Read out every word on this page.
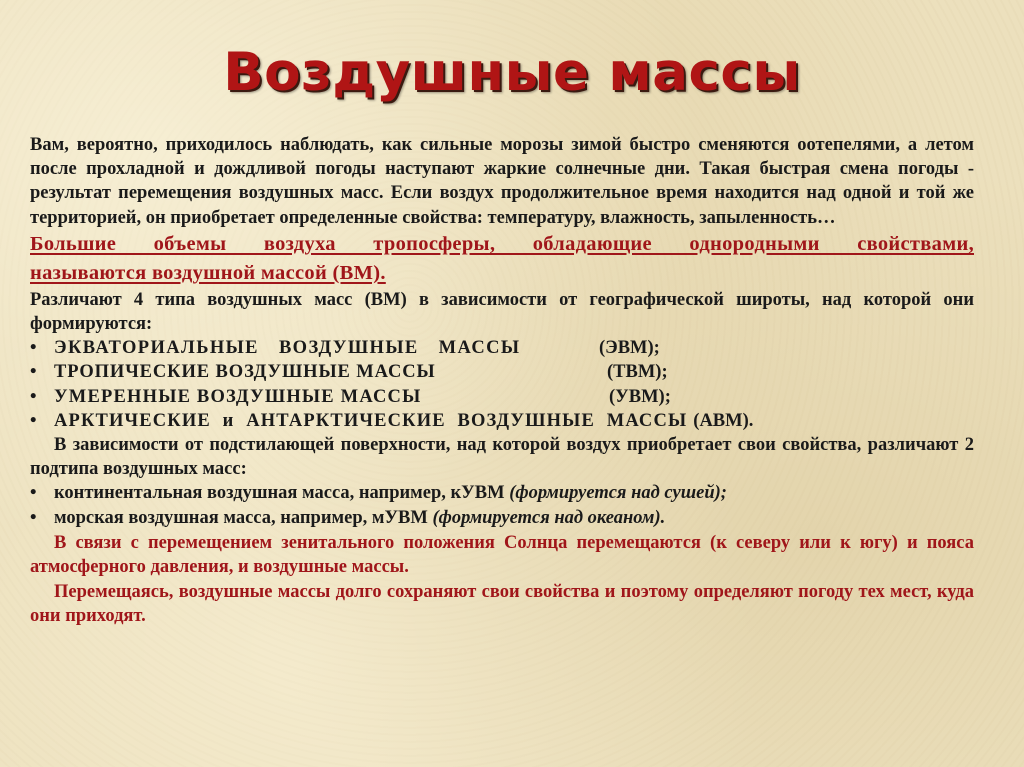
Воздушные массы

Вам, вероятно, приходилось наблюдать, как сильные морозы зимой быстро сменяются оотепелями, а летом после прохладной и дождливой погоды наступают жаркие солнечные дни. Такая быстрая смена погоды - результат перемещения воздушных масс. Если воздух продолжительное время находится над одной и той же территорией, он приобретает определенные свойства: температуру, влажность, запыленность…

Большие объемы воздуха тропосферы, обладающие однородными свойствами,
называются воздушной массой (ВМ).

Различают 4 типа воздушных масс (ВМ) в зависимости от географической широты, над которой они формируются:

• ЭКВАТОРИАЛЬНЫЕ ВОЗДУШНЫЕ МАССЫ	(ЭВМ);
• ТРОПИЧЕСКИЕ ВОЗДУШНЫЕ МАССЫ	(ТВМ);
• УМЕРЕННЫЕ ВОЗДУШНЫЕ МАССЫ	(УВМ);
• АРКТИЧЕСКИЕ и АНТАРКТИЧЕСКИЕ ВОЗДУШНЫЕ МАССЫ (АВМ).

В зависимости от подстилающей поверхности, над которой воздух приобретает свои свойства, различают 2 подтипа воздушных масс:

• континентальная воздушная масса, например, кУВМ (формируется над сушей);
• морская воздушная масса, например, мУВМ (формируется над океаном).

В связи с перемещением зенитального положения Солнца перемещаются (к северу или к югу) и пояса атмосферного давления, и воздушные массы.

Перемещаясь, воздушные массы долго сохраняют свои свойства и поэтому определяют погоду тех мест, куда они приходят.
